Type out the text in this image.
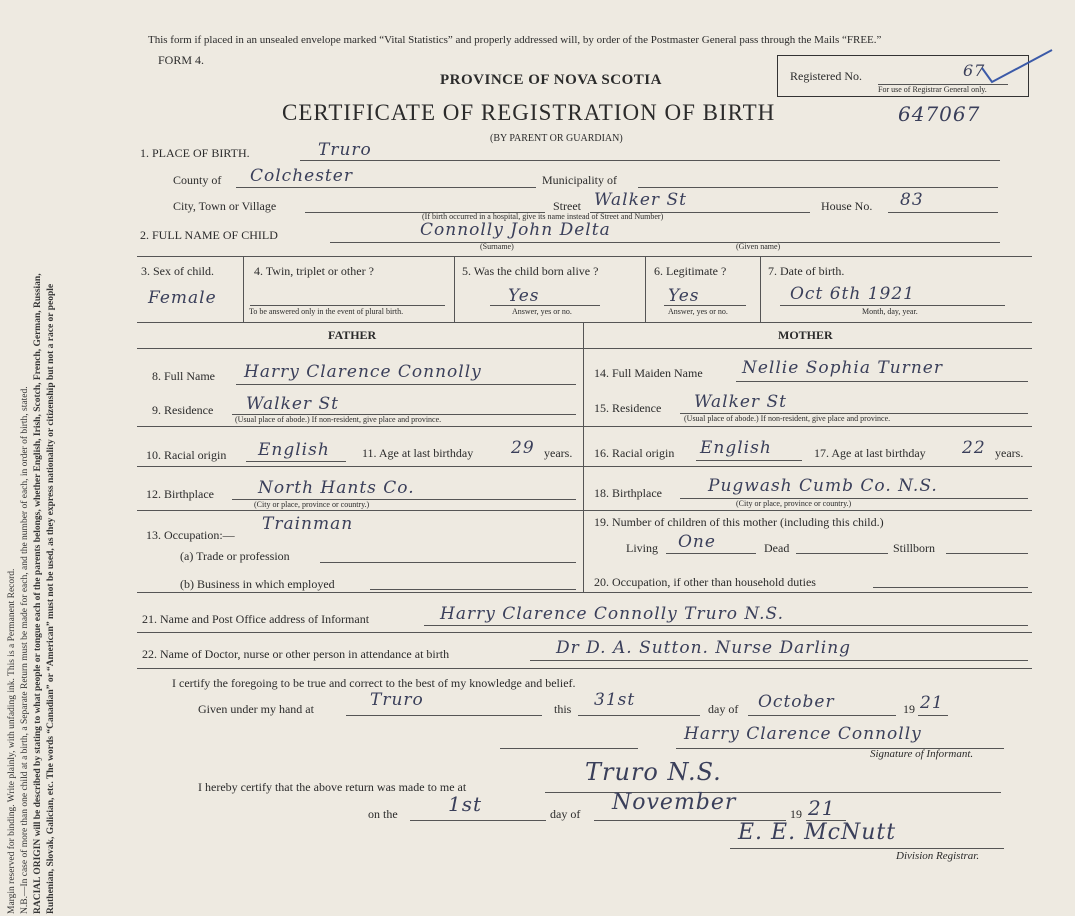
Margin reserved for binding. Write plainly, with unfading ink. This is a Permanent Record. N.B.—In case of more than one child at a birth, a Separate Return must be made for each, and the number of each, in order of birth, stated. RACIAL ORIGIN will be described by stating to what people or tongue each of the parents belongs, whether English, Irish, Scotch, French, German, Russian, Ruthenian, Slovak, Galician, etc. The words “Canadian” or “American” must not be used, as they express nationality or citizenship but not a race or people
This form if placed in an unsealed envelope marked “Vital Statistics” and properly addressed will, by order of the Postmaster General pass through the Mails “FREE.”
FORM 4.
Registered No.	67
For use of Registrar General only.
PROVINCE OF NOVA SCOTIA
CERTIFICATE OF REGISTRATION OF BIRTH	647067
(BY PARENT OR GUARDIAN)
1. PLACE OF BIRTH.	Truro
County of Colchester	Municipality of
City, Town or Village	Street Walker St	House No. 83
(If birth occurred in a hospital, give its name instead of Street and Number)
2. FULL NAME OF CHILD	Connolly John Delta
(Surname)	(Given name)
3. Sex of child.
Female
4. Twin, triplet or other ?
To be answered only in the event of plural birth.
5. Was the child born alive ?
Yes
Answer, yes or no.
6. Legitimate ?
Yes
Answer, yes or no.
7. Date of birth.
Oct 6th 1921
Month, day, year.
FATHER	MOTHER
8. Full Name Harry Clarence Connolly
9. Residence Walker St
(Usual place of abode.) If non-resident, give place and province.
10. Racial origin English	11. Age at last birthday 29 years.
12. Birthplace	North Hants Co.
(City or place, province or country.)
13. Occupation:—
Trainman
(a) Trade or profession
(b) Business in which employed
14. Full Maiden Name Nellie Sophia Turner
15. Residence Walker St
(Usual place of abode.) If non-resident, give place and province.
16. Racial origin English	17. Age at last birthday 22 years.
18. Birthplace	Pugwash Cumb Co. N.S.
(City or place, province or country.)
19. Number of children of this mother (including this child.)
Living One	Dead	Stillborn
20. Occupation, if other than household duties
21. Name and Post Office address of Informant	Harry Clarence Connolly Truro N.S.
22. Name of Doctor, nurse or other person in attendance at birth	Dr D. A. Sutton. Nurse Darling
I certify the foregoing to be true and correct to the best of my knowledge and belief.
Given under my hand at	Truro	this 31st	day of October	19 21
Harry Clarence Connolly
Signature of Informant.
I hereby certify that the above return was made to me at
Truro N.S.
on the	1st	day of November	19 21
E. E. McNutt
Division Registrar.
